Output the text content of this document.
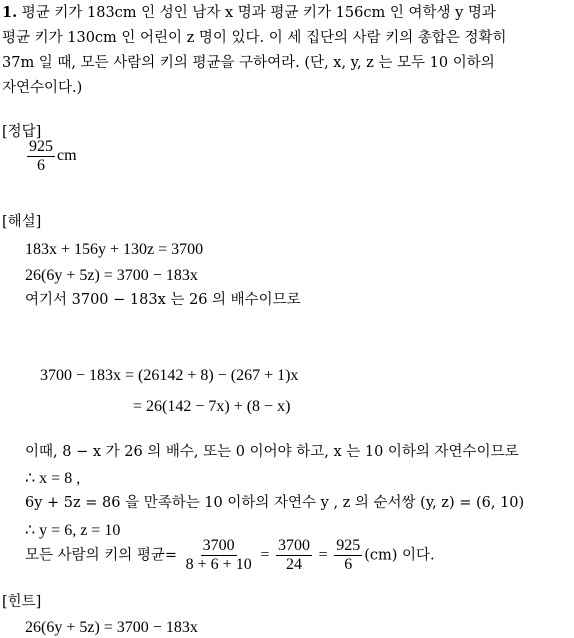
1. 평균 키가 183cm 인 성인 남자 x 명과 평균 키가 156cm 인 여학생 y 명과
평균 키가 130cm 인 어린이 z 명이 있다. 이 세 집단의 사람 키의 총합은 정확히
37m 일 때, 모든 사람의 키의 평균을 구하여라. (단, x, y, z 는 모두 10 이하의
자연수이다.)
[정답]
$\frac{925}{6}$ cm
[해설]
183x + 156y + 130z = 3700
26(6y + 5z) = 3700 − 183x
여기서 3700 − 183x 는 26 의 배수이므로
3700 − 183x = (26142 + 8) − (267 + 1)x
= 26(142 − 7x) + (8 − x)
이때, 8 − x 가 26 의 배수, 또는 0 이어야 하고, x 는 10 이하의 자연수이므로
∴ x = 8 ,
6y + 5z = 86 을 만족하는 10 이하의 자연수 y , z 의 순서쌍 (y, z) = (6, 10)
∴ y = 6, z = 10
모든 사람의 키의 평균= $\frac{3700}{8 + 6 + 10} = \frac{3700}{24} = \frac{925}{6} (cm)$ 이다.
[힌트]
26(6y + 5z) = 3700 − 183x
